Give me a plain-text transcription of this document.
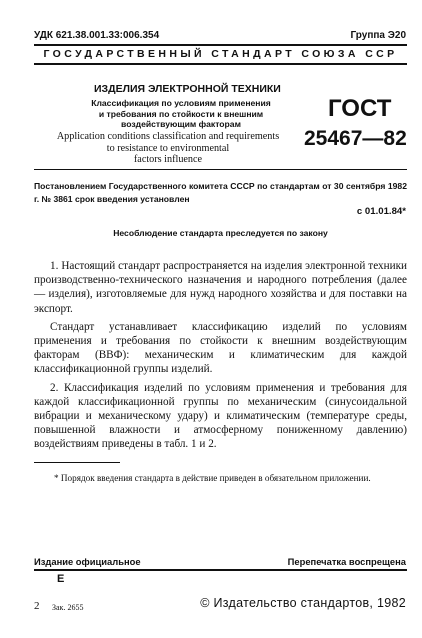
УДК 621.38.001.33:006.354	Группа Э20
ГОСУДАРСТВЕННЫЙ СТАНДАРТ СОЮЗА ССР
ИЗДЕЛИЯ ЭЛЕКТРОННОЙ ТЕХНИКИ
Классификация по условиям применения
и требования по стойкости к внешним
воздействующим факторам
Application conditions classification and requirements
to resistance to environmental
factors influence
ГОСТ
25467—82
Постановлением Государственного комитета СССР по стандартам от 30 сентября 1982 г. № 3861 срок введения установлен
с 01.01.84*
Несоблюдение стандарта преследуется по закону

1. Настоящий стандарт распространяется на изделия электронной техники производственно-технического назначения и народного потребления (далее — изделия), изготовляемые для нужд народного хозяйства и для поставки на экспорт.

Стандарт устанавливает классификацию изделий по условиям применения и требования по стойкости к внешним воздействующим факторам (ВВФ): механическим и климатическим для каждой классификационной группы изделий.

2. Классификация изделий по условиям применения и требования для каждой классификационной группы по механическим (синусоидальной вибрации и механическому удару) и климатическим (температуре среды, повышенной влажности и атмосферному пониженному давлению) воздействиям приведены в табл. 1 и 2.

* Порядок введения стандарта в действие приведен в обязательном приложении.
Издание официальное	Перепечатка воспрещена
E
© Издательство стандартов, 1982
2 Зак. 2655
